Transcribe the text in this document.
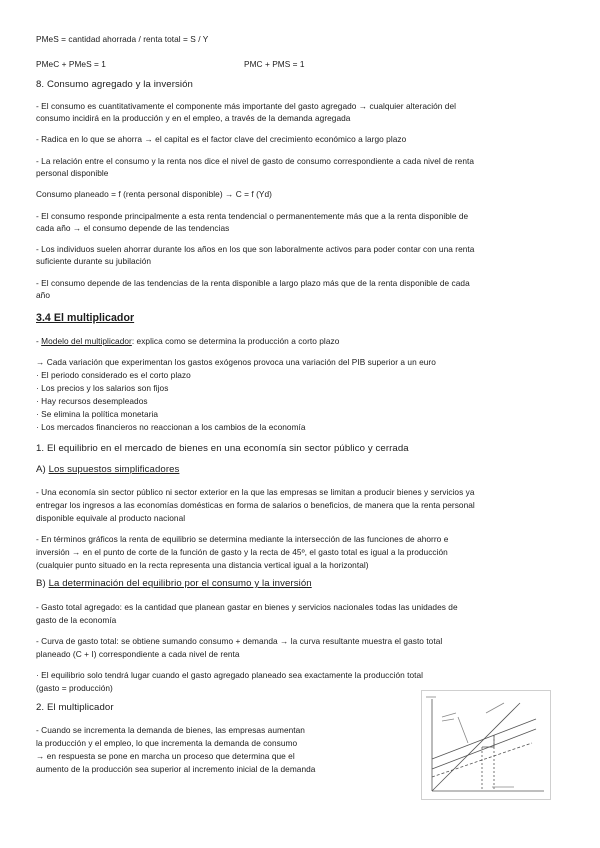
PMeS = cantidad ahorrada / renta total = S / Y
PMeC + PMeS = 1	PMC + PMS = 1
8. Consumo agregado y la inversión
- El consumo es cuantitativamente el componente más importante del gasto agregado → cualquier alteración del
consumo incidirá en la producción y en el empleo, a través de la demanda agregada
- Radica en lo que se ahorra → el capital es el factor clave del crecimiento económico a largo plazo
- La relación entre el consumo y la renta nos dice el nivel de gasto de consumo correspondiente a cada nivel de renta
personal disponible
Consumo planeado = f (renta personal disponible) → C = f (Yd)
- El consumo responde principalmente a esta renta tendencial o permanentemente más que a la renta disponible de
cada año → el consumo depende de las tendencias
- Los individuos suelen ahorrar durante los años en los que son laboralmente activos para poder contar con una renta
suficiente durante su jubilación
- El consumo depende de las tendencias de la renta disponible a largo plazo más que de la renta disponible de cada
año
3.4 El multiplicador
- Modelo del multiplicador: explica como se determina la producción a corto plazo
→ Cada variación que experimentan los gastos exógenos provoca una variación del PIB superior a un euro
· El periodo considerado es el corto plazo
· Los precios y los salarios son fijos
· Hay recursos desempleados
· Se elimina la política monetaria
· Los mercados financieros no reaccionan a los cambios de la economía
1. El equilibrio en el mercado de bienes en una economía sin sector público y cerrada
A) Los supuestos simplificadores
- Una economía sin sector público ni sector exterior en la que las empresas se limitan a producir bienes y servicios ya
entregar los ingresos a las economías domésticas en forma de salarios o beneficios, de manera que la renta personal
disponible equivale al producto nacional
- En términos gráficos la renta de equilibrio se determina mediante la intersección de las funciones de ahorro e
inversión → en el punto de corte de la función de gasto y la recta de 45º, el gasto total es igual a la producción
(cualquier punto situado en la recta representa una distancia vertical igual a la horizontal)
B) La determinación del equilibrio por el consumo y la inversión
- Gasto total agregado: es la cantidad que planean gastar en bienes y servicios nacionales todas las unidades de
gasto de la economía
- Curva de gasto total: se obtiene sumando consumo + demanda → la curva resultante muestra el gasto total
planeado (C + I) correspondiente a cada nivel de renta
· El equilibrio solo tendrá lugar cuando el gasto agregado planeado sea exactamente la producción total
(gasto = producción)
2. El multiplicador
- Cuando se incrementa la demanda de bienes, las empresas aumentan
la producción y el empleo, lo que incrementa la demanda de consumo
→ en respuesta se pone en marcha un proceso que determina que el
aumento de la producción sea superior al incremento inicial de la demanda
